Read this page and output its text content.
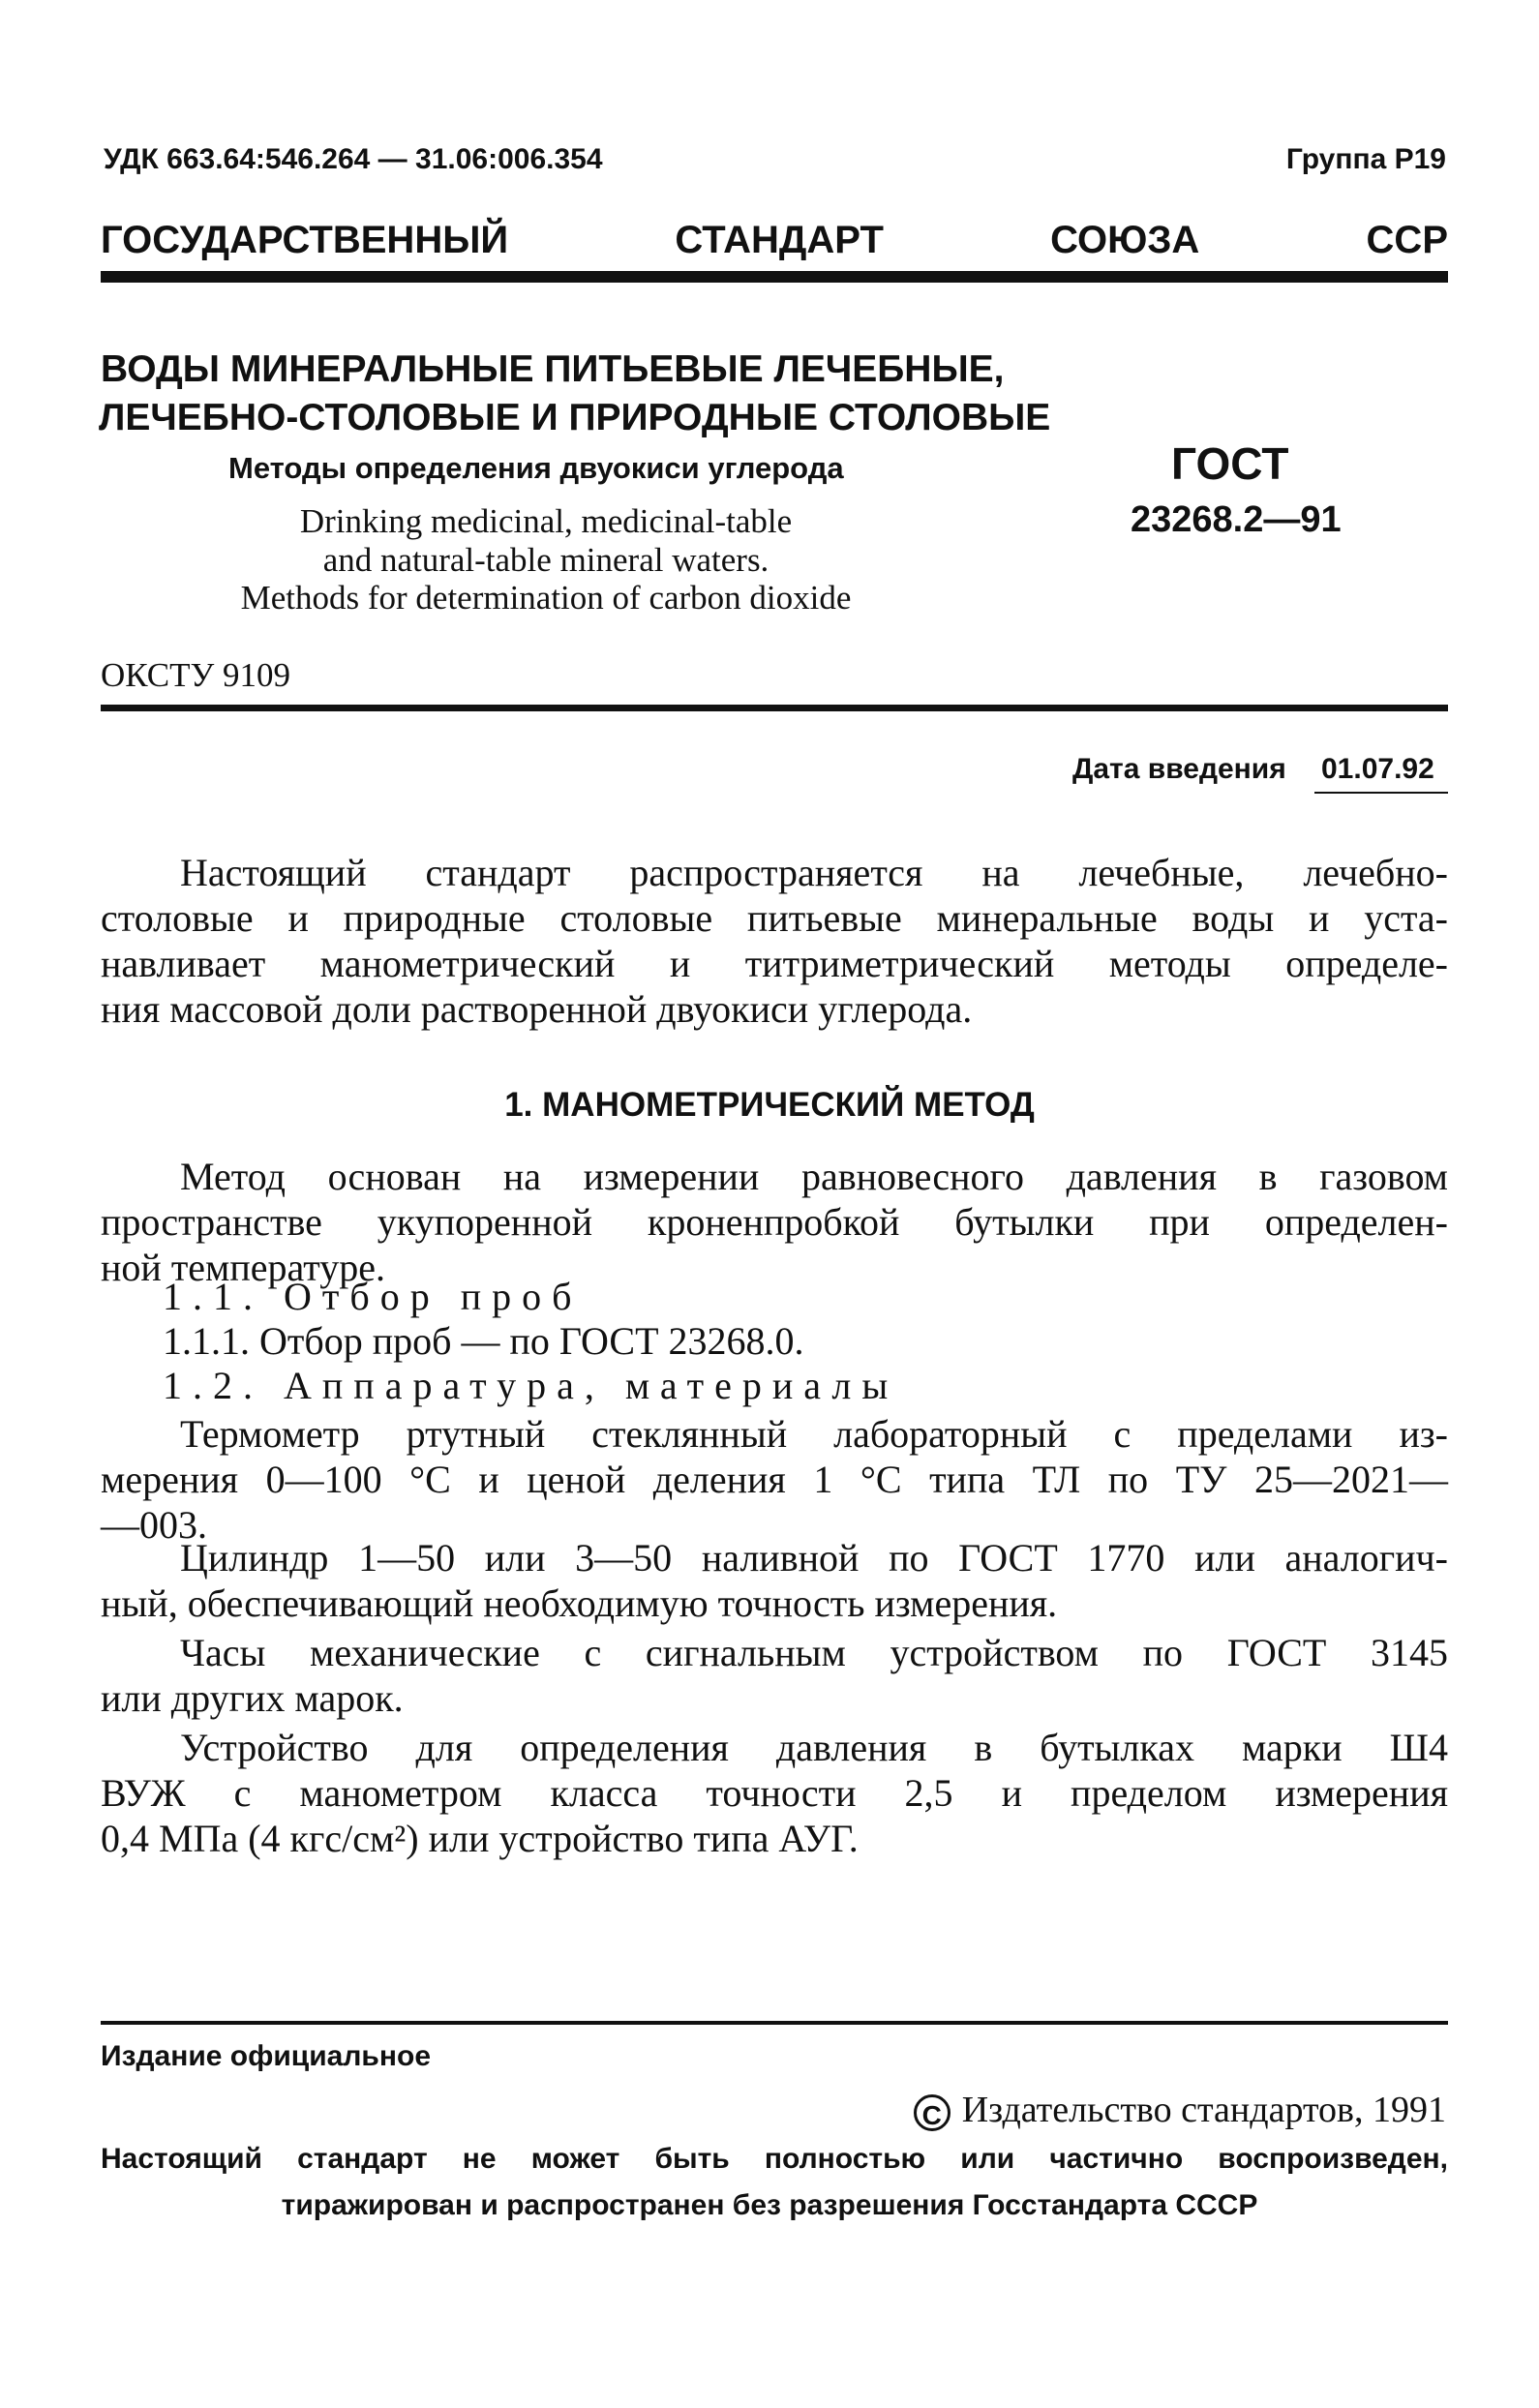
УДК 663.64:546.264 — 31.06:006.354	Группа Р19
ГОСУДАРСТВЕННЫЙ СТАНДАРТ СОЮЗА ССР
ВОДЫ МИНЕРАЛЬНЫЕ ПИТЬЕВЫЕ ЛЕЧЕБНЫЕ,
ЛЕЧЕБНО-СТОЛОВЫЕ И ПРИРОДНЫЕ СТОЛОВЫЕ
Методы определения двуокиси углерода
Drinking medicinal, medicinal-table
and natural-table mineral waters.
Methods for determination of carbon dioxide
ГОСТ
23268.2—91
ОКСТУ 9109
Дата введения 01.07.92
Настоящий стандарт распространяется на лечебные, лечебно-
столовые и природные столовые питьевые минеральные воды и уста-
навливает манометрический и титриметрический методы определе-
ния массовой доли растворенной двуокиси углерода.
1. МАНОМЕТРИЧЕСКИЙ МЕТОД
Метод основан на измерении равновесного давления в газовом
пространстве укупоренной кроненпробкой бутылки при определен-
ной температуре.
1.1. Отбор проб
1.1.1. Отбор проб — по ГОСТ 23268.0.
1.2. Аппаратура, материалы
Термометр ртутный стеклянный лабораторный с пределами из-
мерения 0—100 °С и ценой деления 1 °С типа ТЛ по ТУ 25—2021—
—003.
Цилиндр 1—50 или 3—50 наливной по ГОСТ 1770 или аналогич-
ный, обеспечивающий необходимую точность измерения.
Часы механические с сигнальным устройством по ГОСТ 3145
или других марок.
Устройство для определения давления в бутылках марки Ш4
ВУЖ с манометром класса точности 2,5 и пределом измерения
0,4 МПа (4 кгс/см²) или устройство типа АУГ.
Издание официальное
C Издательство стандартов, 1991
Настоящий стандарт не может быть полностью или частично воспроизведен,
тиражирован и распространен без разрешения Госстандарта СССР
